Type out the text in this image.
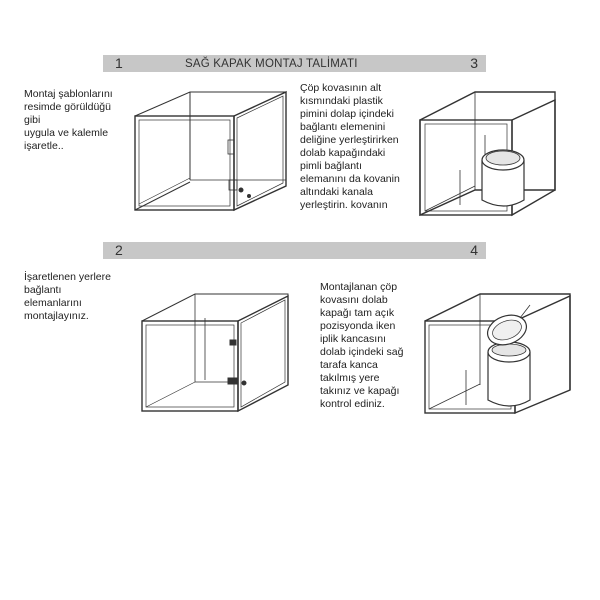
1	SAĞ KAPAK MONTAJ TALİMATI	3
2	4
Montaj şablonlarını
resimde görüldüğü
gibi
uygula ve kalemle
işaretle..
Çöp kovasının alt
kısmındaki plastik
pimini dolap içindeki
bağlantı elemenini
deliğine yerleştirirken
dolab kapağındaki
pimli bağlantı
elemanını da kovanin
altındaki kanala
yerleştirin. kovanın
İşaretlenen yerlere
bağlantı
elemanlarını
montajlayınız.
Montajlanan çöp
kovasını dolab
kapağı tam açık
pozisyonda iken
iplik kancasını
dolab içindeki sağ
tarafa kanca
takılmış yere
takınız ve kapağı
kontrol ediniz.
